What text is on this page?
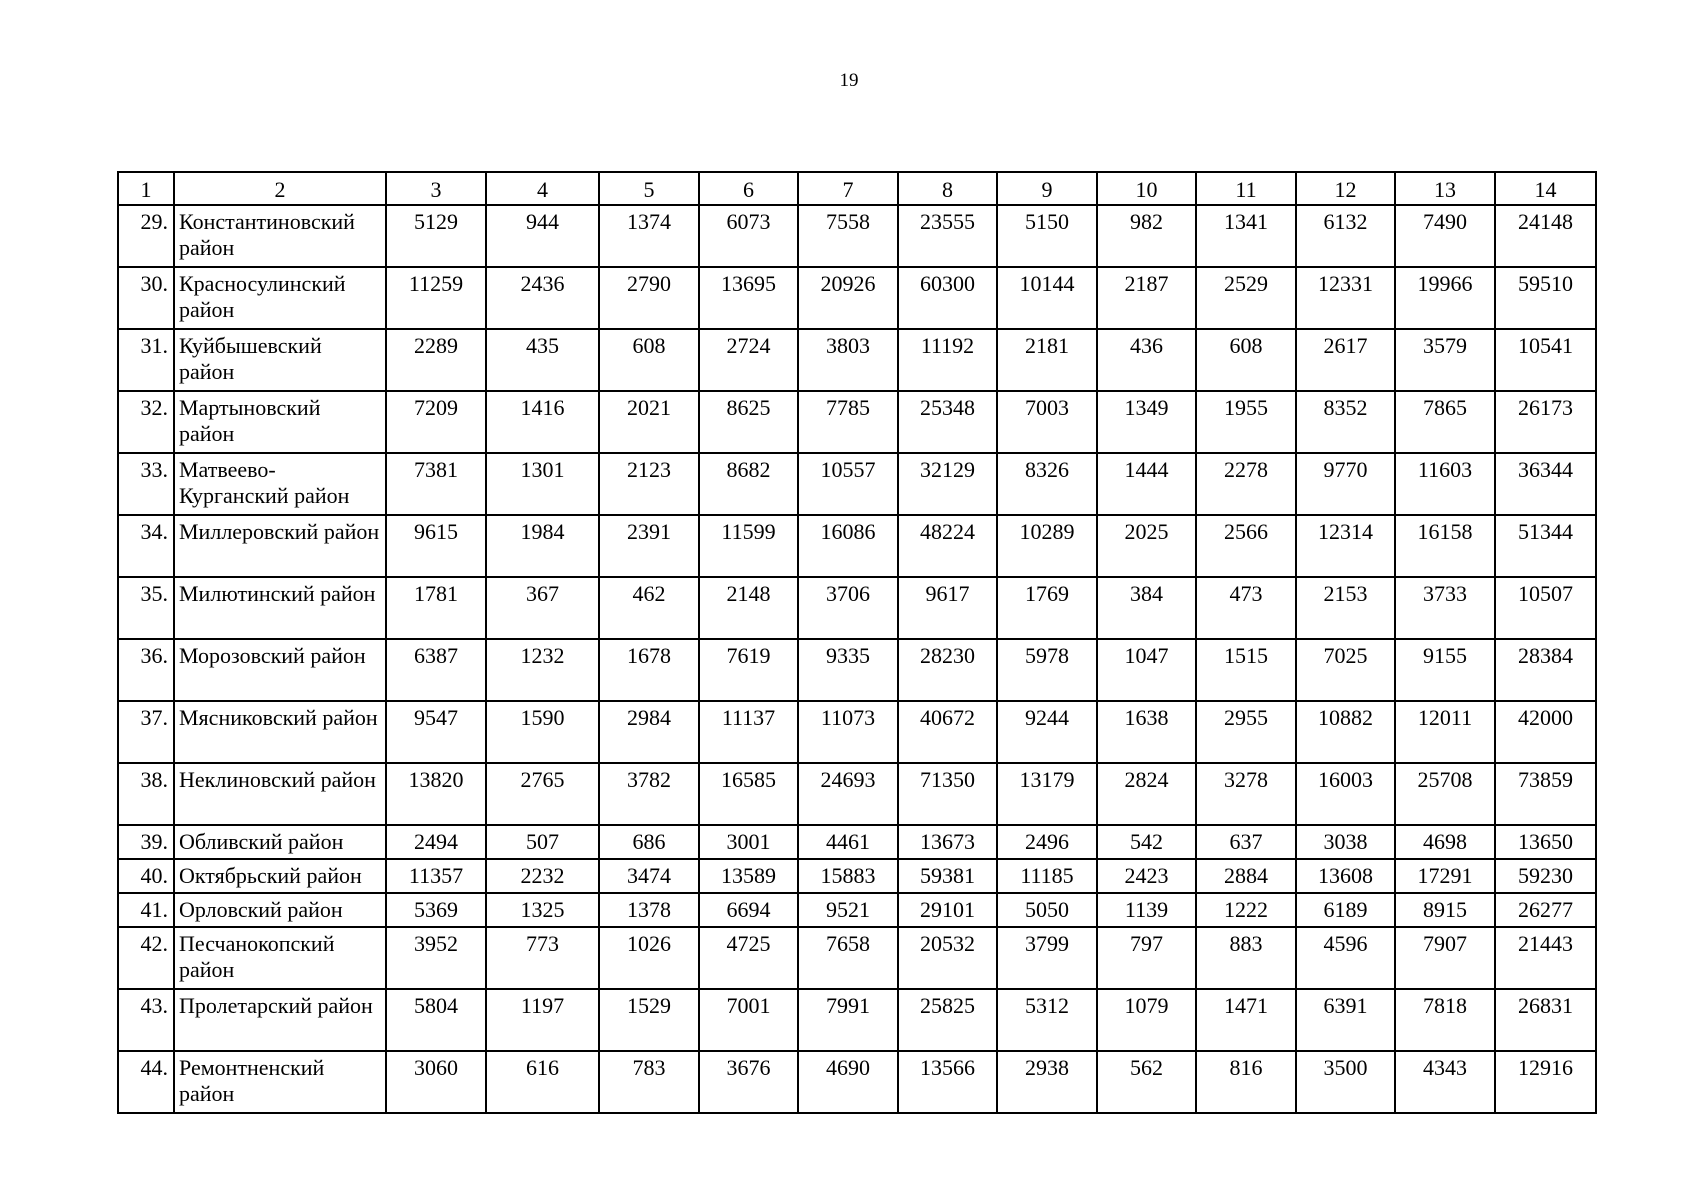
19
1	2	3	4	5	6	7	8	9	10	11	12	13	14
29.	Константиновский район	5129	944	1374	6073	7558	23555	5150	982	1341	6132	7490	24148
30.	Красносулинский район	11259	2436	2790	13695	20926	60300	10144	2187	2529	12331	19966	59510
31.	Куйбышевский район	2289	435	608	2724	3803	11192	2181	436	608	2617	3579	10541
32.	Мартыновский район	7209	1416	2021	8625	7785	25348	7003	1349	1955	8352	7865	26173
33.	Матвеево-Курганский район	7381	1301	2123	8682	10557	32129	8326	1444	2278	9770	11603	36344
34.	Миллеровский район	9615	1984	2391	11599	16086	48224	10289	2025	2566	12314	16158	51344
35.	Милютинский район	1781	367	462	2148	3706	9617	1769	384	473	2153	3733	10507
36.	Морозовский район	6387	1232	1678	7619	9335	28230	5978	1047	1515	7025	9155	28384
37.	Мясниковский район	9547	1590	2984	11137	11073	40672	9244	1638	2955	10882	12011	42000
38.	Неклиновский район	13820	2765	3782	16585	24693	71350	13179	2824	3278	16003	25708	73859
39.	Обливский район	2494	507	686	3001	4461	13673	2496	542	637	3038	4698	13650
40.	Октябрьский район	11357	2232	3474	13589	15883	59381	11185	2423	2884	13608	17291	59230
41.	Орловский район	5369	1325	1378	6694	9521	29101	5050	1139	1222	6189	8915	26277
42.	Песчанокопский район	3952	773	1026	4725	7658	20532	3799	797	883	4596	7907	21443
43.	Пролетарский район	5804	1197	1529	7001	7991	25825	5312	1079	1471	6391	7818	26831
44.	Ремонтненский район	3060	616	783	3676	4690	13566	2938	562	816	3500	4343	12916
